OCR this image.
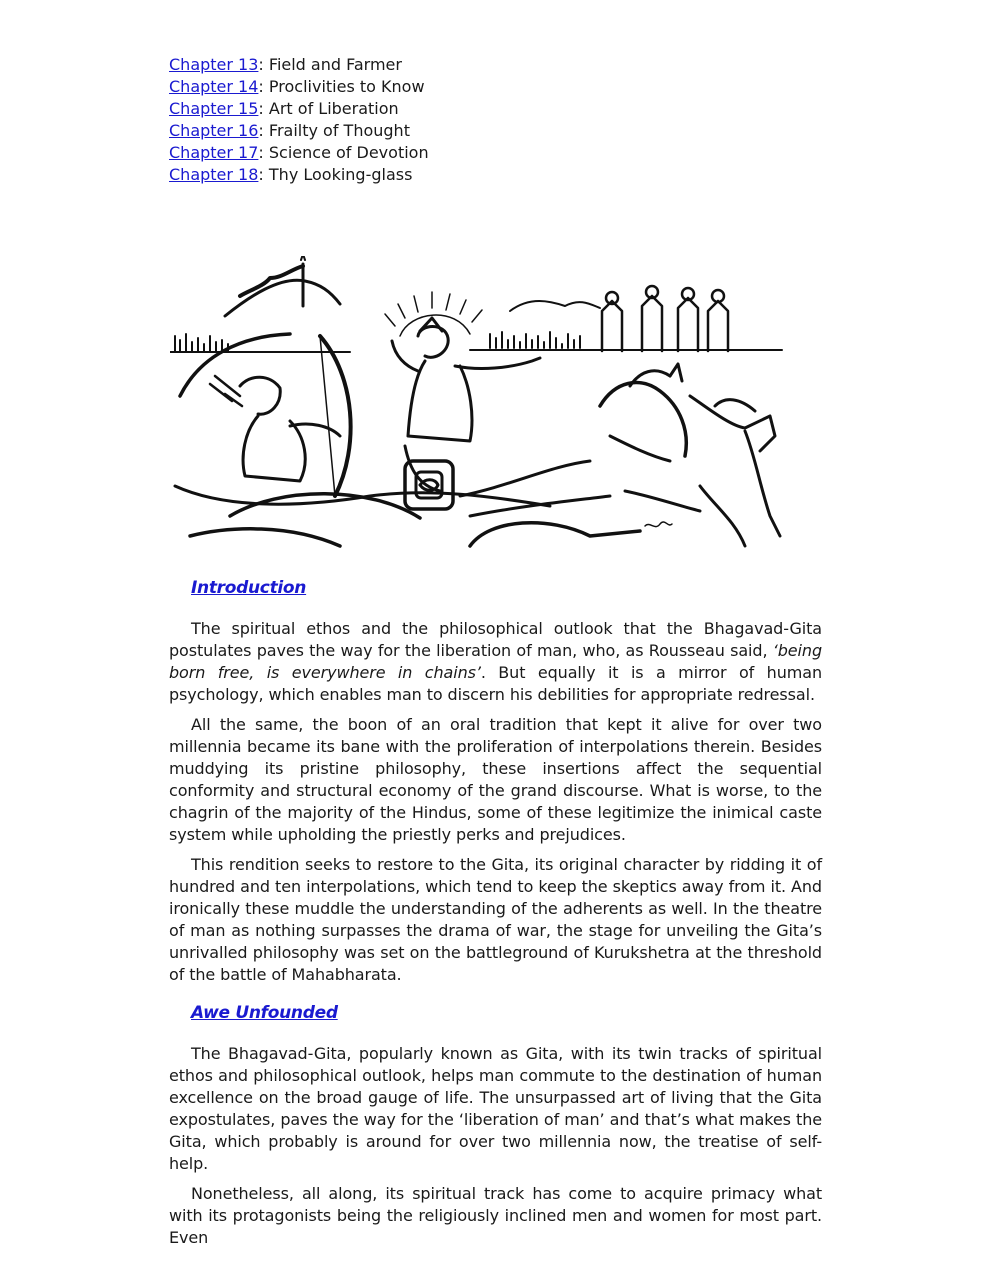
Chapter 13: Field and Farmer
Chapter 14: Proclivities to Know
Chapter 15: Art of Liberation
Chapter 16: Frailty of Thought
Chapter 17: Science of Devotion
Chapter 18: Thy Looking-glass
Introduction

The spiritual ethos and the philosophical outlook that the Bhagavad-Gita postulates paves the way for the liberation of man, who, as Rousseau said, ‘being born free, is everywhere in chains’. But equally it is a mirror of human psychology, which enables man to discern his debilities for appropriate redressal.

All the same, the boon of an oral tradition that kept it alive for over two millennia became its bane with the proliferation of interpolations therein. Besides muddying its pristine philosophy, these insertions affect the sequential conformity and structural economy of the grand discourse. What is worse, to the chagrin of the majority of the Hindus, some of these legitimize the inimical caste system while upholding the priestly perks and prejudices.

This rendition seeks to restore to the Gita, its original character by ridding it of hundred and ten interpolations, which tend to keep the skeptics away from it. And ironically these muddle the understanding of the adherents as well. In the theatre of man as nothing surpasses the drama of war, the stage for unveiling the Gita’s unrivalled philosophy was set on the battleground of Kurukshetra at the threshold of the battle of Mahabharata.

Awe Unfounded

The Bhagavad-Gita, popularly known as Gita, with its twin tracks of spiritual ethos and philosophical outlook, helps man commute to the destination of human excellence on the broad gauge of life. The unsurpassed art of living that the Gita expostulates, paves the way for the ‘liberation of man’ and that’s what makes the Gita, which probably is around for over two millennia now, the treatise of self-help.

Nonetheless, all along, its spiritual track has come to acquire primacy what with its protagonists being the religiously inclined men and women for most part. Even
